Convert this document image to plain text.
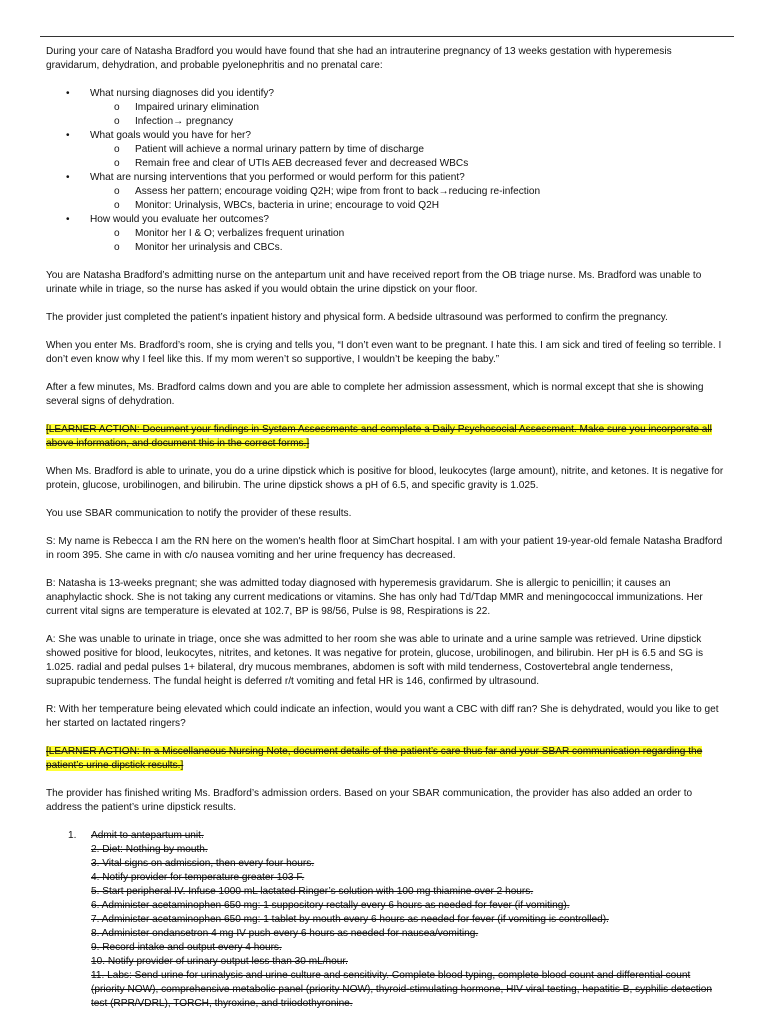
During your care of Natasha Bradford you would have found that she had an intrauterine pregnancy of 13 weeks gestation with hyperemesis gravidarum, dehydration, and probable pyelonephritis and no prenatal care:

• What nursing diagnoses did you identify?
o Impaired urinary elimination
o Infection→ pregnancy
• What goals would you have for her?
o Patient will achieve a normal urinary pattern by time of discharge
o Remain free and clear of UTIs AEB decreased fever and decreased WBCs
• What are nursing interventions that you performed or would perform for this patient?
o Assess her pattern; encourage voiding Q2H; wipe from front to back→reducing re-infection
o Monitor: Urinalysis, WBCs, bacteria in urine; encourage to void Q2H
• How would you evaluate her outcomes?
o Monitor her I & O; verbalizes frequent urination
o Monitor her urinalysis and CBCs.

You are Natasha Bradford’s admitting nurse on the antepartum unit and have received report from the OB triage nurse. Ms. Bradford was unable to urinate while in triage, so the nurse has asked if you would obtain the urine dipstick on your floor.

The provider just completed the patient’s inpatient history and physical form. A bedside ultrasound was performed to confirm the pregnancy.

When you enter Ms. Bradford’s room, she is crying and tells you, “I don’t even want to be pregnant. I hate this. I am sick and tired of feeling so terrible. I don’t even know why I feel like this. If my mom weren’t so supportive, I wouldn’t be keeping the baby.”

After a few minutes, Ms. Bradford calms down and you are able to complete her admission assessment, which is normal except that she is showing several signs of dehydration.

[LEARNER ACTION: Document your findings in System Assessments and complete a Daily Psychosocial Assessment. Make sure you incorporate all above information, and document this in the correct forms.]

When Ms. Bradford is able to urinate, you do a urine dipstick which is positive for blood, leukocytes (large amount), nitrite, and ketones. It is negative for protein, glucose, urobilinogen, and bilirubin. The urine dipstick shows a pH of 6.5, and specific gravity is 1.025.

You use SBAR communication to notify the provider of these results.

S: My name is Rebecca I am the RN here on the women's health floor at SimChart hospital. I am with your patient 19-year-old female Natasha Bradford in room 395. She came in with c/o nausea vomiting and her urine frequency has decreased.

B: Natasha is 13-weeks pregnant; she was admitted today diagnosed with hyperemesis gravidarum. She is allergic to penicillin; it causes an anaphylactic shock. She is not taking any current medications or vitamins. She has only had Td/Tdap MMR and meningococcal immunizations. Her current vital signs are temperature is elevated at 102.7, BP is 98/56, Pulse is 98, Respirations is 22.

A: She was unable to urinate in triage, once she was admitted to her room she was able to urinate and a urine sample was retrieved. Urine dipstick showed positive for blood, leukocytes, nitrites, and ketones. It was negative for protein, glucose, urobilinogen, and bilirubin. Her pH is 6.5 and SG is 1.025. radial and pedal pulses 1+ bilateral, dry mucous membranes, abdomen is soft with mild tenderness, Costovertebral angle tenderness, suprapubic tenderness. The fundal height is deferred r/t vomiting and fetal HR is 146, confirmed by ultrasound.

R: With her temperature being elevated which could indicate an infection, would you want a CBC with diff ran? She is dehydrated, would you like to get her started on lactated ringers?

[LEARNER ACTION: In a Miscellaneous Nursing Note, document details of the patient’s care thus far and your SBAR communication regarding the patient’s urine dipstick results.]

The provider has finished writing Ms. Bradford’s admission orders. Based on your SBAR communication, the provider has also added an order to address the patient’s urine dipstick results.

1. Admit to antepartum unit.
2. Diet: Nothing by mouth.
3. Vital signs on admission, then every four hours.
4. Notify provider for temperature greater 103 F.
5. Start peripheral IV. Infuse 1000 mL lactated Ringer’s solution with 100 mg thiamine over 2 hours.
6. Administer acetaminophen 650 mg: 1 suppository rectally every 6 hours as needed for fever (if vomiting).
7. Administer acetaminophen 650 mg: 1 tablet by mouth every 6 hours as needed for fever (if vomiting is controlled).
8. Administer ondansetron 4 mg IV push every 6 hours as needed for nausea/vomiting.
9. Record intake and output every 4 hours.
10. Notify provider of urinary output less than 30 mL/hour.
11. Labs: Send urine for urinalysis and urine culture and sensitivity. Complete blood typing, complete blood count and differential count (priority NOW), comprehensive metabolic panel (priority NOW), thyroid-stimulating hormone, HIV viral testing, hepatitis B, syphilis detection test (RPR/VDRL), TORCH, thyroxine, and triiodothyronine.
